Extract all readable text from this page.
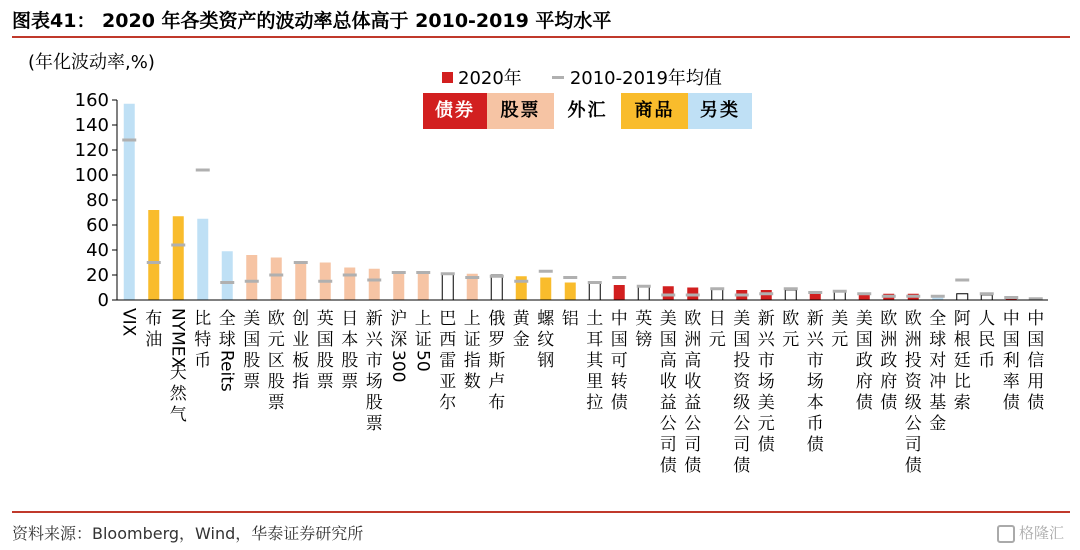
图表41： 2020 年各类资产的波动率总体高于 2010-2019 平均水平
(年化波动率,%)
2020年	2010-2019年均值
债券	股票	外汇	商品	另类
0
20
40
60
80
100
120
140
160
VIX 布
油 NYMEX
天
然
气
比
特
币
全
球
Reits
美
国
股
票
欧
元
区
股
票
创
业
板
指
英
国
股
票
日
本
股
票
新
兴
市
场
股
票
沪
深
300
上
证
50
巴
西
雷
亚
尔
上
证
指
数
俄
罗
斯
卢
布
黄
金
螺
纹
钢
铝 土
耳
其
里
拉
中
国
可
转
债
英
镑
美
国
高
收
益
公
司
债
欧
洲
高
收
益
公
司
债
日
元
美
国
投
资
级
公
司
债
新
兴
市
场
美
元
债
欧
元
新
兴
市
场
本
币
债
美
元
美
国
政
府
债
欧
洲
政
府
债
欧
洲
投
资
级
公
司
债
全
球
对
冲
基
金
阿
根
廷
比
索
人
民
币
中
国
利
率
债
中
国
信
用
债
资料来源：Bloomberg，Wind，华泰证券研究所	格隆汇
